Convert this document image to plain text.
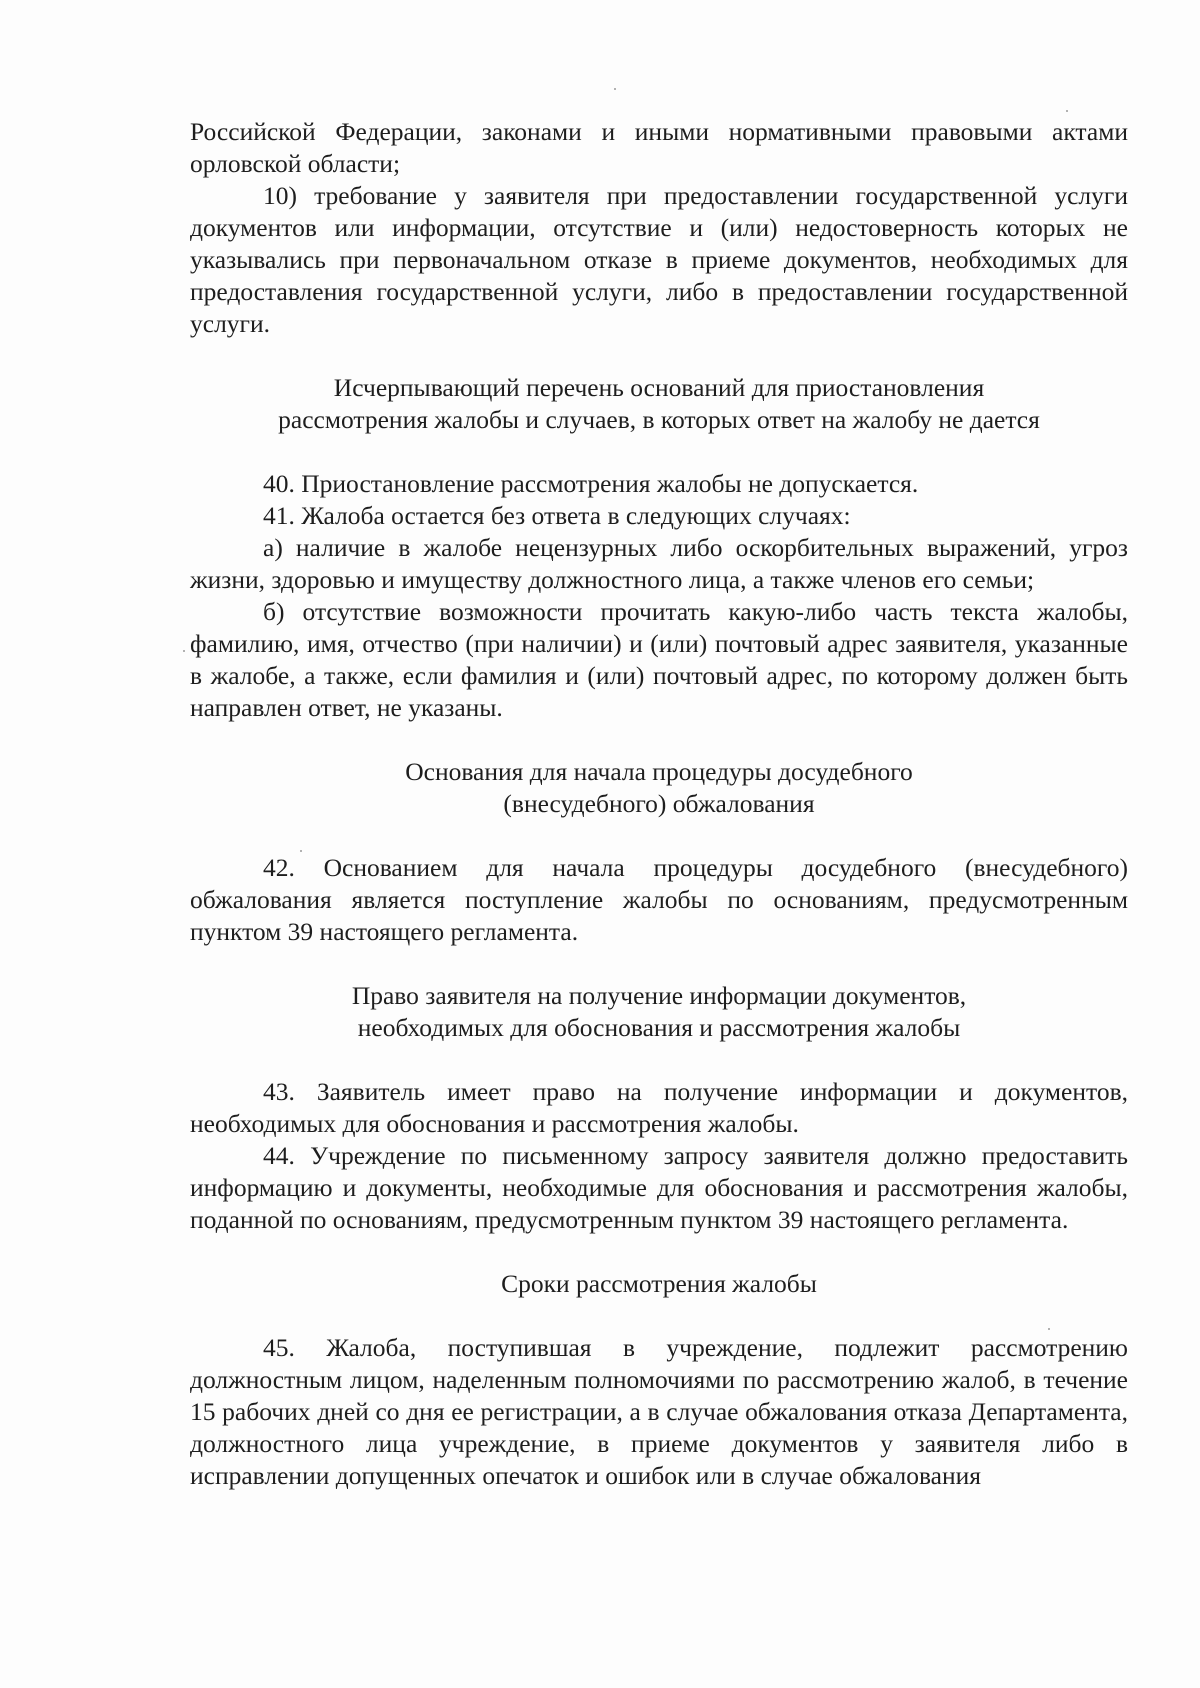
Российской Федерации, законами и иными нормативными правовыми актами орловской области;

10) требование у заявителя при предоставлении государственной услуги документов или информации, отсутствие и (или) недостоверность которых не указывались при первоначальном отказе в приеме документов, необходимых для предоставления государственной услуги, либо в предоставлении государственной услуги.

Исчерпывающий перечень оснований для приостановления

рассмотрения жалобы и случаев, в которых ответ на жалобу не дается

40. Приостановление рассмотрения жалобы не допускается.

41. Жалоба остается без ответа в следующих случаях:

а) наличие в жалобе нецензурных либо оскорбительных выражений, угроз жизни, здоровью и имуществу должностного лица, а также членов его семьи;

б) отсутствие возможности прочитать какую-либо часть текста жалобы, фамилию, имя, отчество (при наличии) и (или) почтовый адрес заявителя, указанные в жалобе, а также, если фамилия и (или) почтовый адрес, по которому должен быть направлен ответ, не указаны.

Основания для начала процедуры досудебного

(внесудебного) обжалования

42. Основанием для начала процедуры досудебного (внесудебного) обжалования является поступление жалобы по основаниям, предусмотренным пунктом 39 настоящего регламента.

Право заявителя на получение информации документов,

необходимых для обоснования и рассмотрения жалобы

43. Заявитель имеет право на получение информации и документов, необходимых для обоснования и рассмотрения жалобы.

44. Учреждение по письменному запросу заявителя должно предоставить информацию и документы, необходимые для обоснования и рассмотрения жалобы, поданной по основаниям, предусмотренным пунктом 39 настоящего регламента.

Сроки рассмотрения жалобы

45. Жалоба, поступившая в учреждение, подлежит рассмотрению должностным лицом, наделенным полномочиями по рассмотрению жалоб, в течение 15 рабочих дней со дня ее регистрации, а в случае обжалования отказа Департамента, должностного лица учреждение, в приеме документов у заявителя либо в исправлении допущенных опечаток и ошибок или в случае обжалования
